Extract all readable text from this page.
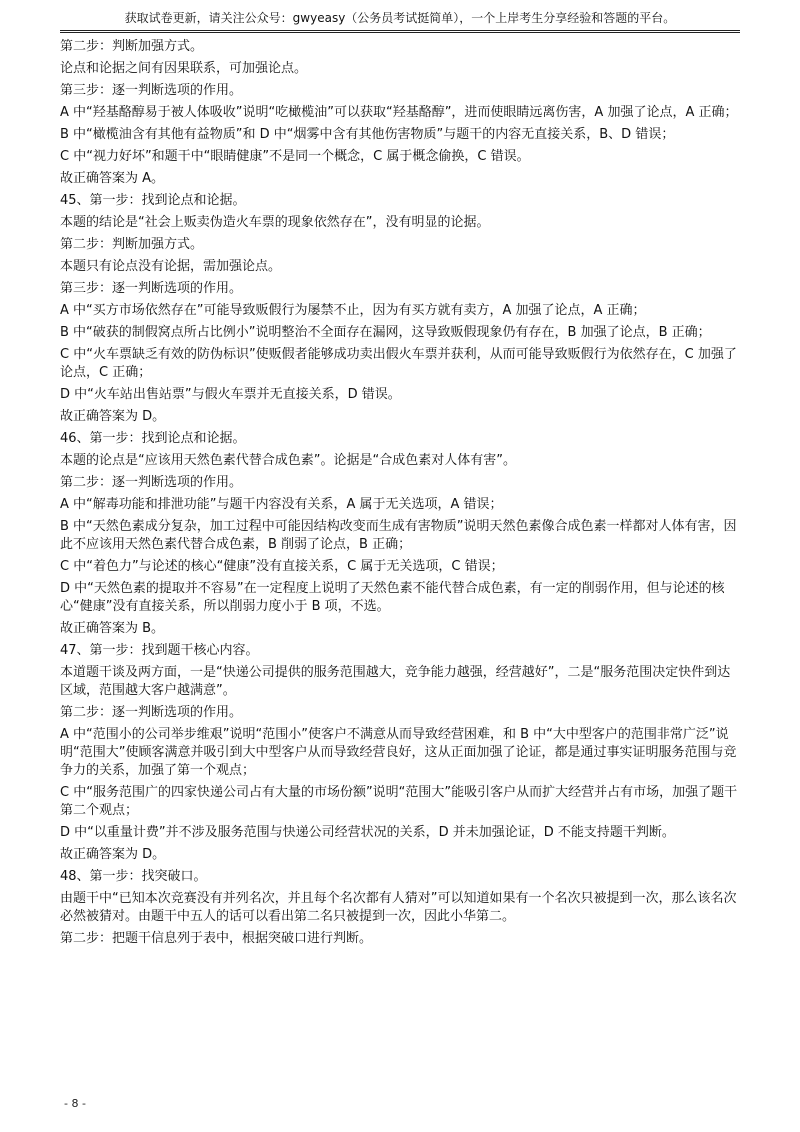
获取试卷更新，请关注公众号：gwyeasy（公务员考试挺简单），一个上岸考生分享经验和答题的平台。

第二步：判断加强方式。

论点和论据之间有因果联系，可加强论点。

第三步：逐一判断选项的作用。

A 中“羟基酪醇易于被人体吸收”说明“吃橄榄油”可以获取“羟基酪醇”，进而使眼睛远离伤害，A 加强了论点，A 正确；

B 中“橄榄油含有其他有益物质”和 D 中“烟雾中含有其他伤害物质”与题干的内容无直接关系，B、D 错误；

C 中“视力好坏”和题干中“眼睛健康”不是同一个概念，C 属于概念偷换，C 错误。

故正确答案为 A。

45、第一步：找到论点和论据。

本题的结论是“社会上贩卖伪造火车票的现象依然存在”，没有明显的论据。

第二步：判断加强方式。

本题只有论点没有论据，需加强论点。

第三步：逐一判断选项的作用。

A 中“买方市场依然存在”可能导致贩假行为屡禁不止，因为有买方就有卖方，A 加强了论点，A 正确；

B 中“破获的制假窝点所占比例小”说明整治不全面存在漏网，这导致贩假现象仍有存在，B 加强了论点，B 正确；

C 中“火车票缺乏有效的防伪标识”使贩假者能够成功卖出假火车票并获利，从而可能导致贩假行为依然存在，C 加强了论点，C 正确；

D 中“火车站出售站票”与假火车票并无直接关系，D 错误。

故正确答案为 D。

46、第一步：找到论点和论据。

本题的论点是“应该用天然色素代替合成色素”。论据是“合成色素对人体有害”。

第二步：逐一判断选项的作用。

A 中“解毒功能和排泄功能”与题干内容没有关系，A 属于无关选项，A 错误；

B 中“天然色素成分复杂，加工过程中可能因结构改变而生成有害物质”说明天然色素像合成色素一样都对人体有害，因此不应该用天然色素代替合成色素，B 削弱了论点，B 正确；

C 中“着色力”与论述的核心“健康”没有直接关系，C 属于无关选项，C 错误；

D 中“天然色素的提取并不容易”在一定程度上说明了天然色素不能代替合成色素，有一定的削弱作用，但与论述的核心“健康”没有直接关系，所以削弱力度小于 B 项，不选。

故正确答案为 B。

47、第一步：找到题干核心内容。

本道题干谈及两方面，一是“快递公司提供的服务范围越大，竞争能力越强，经营越好”，二是“服务范围决定快件到达区域，范围越大客户越满意”。

第二步：逐一判断选项的作用。

A 中“范围小的公司举步维艰”说明“范围小”使客户不满意从而导致经营困难，和 B 中“大中型客户的范围非常广泛”说明“范围大”使顾客满意并吸引到大中型客户从而导致经营良好，这从正面加强了论证，都是通过事实证明服务范围与竞争力的关系，加强了第一个观点；

C 中“服务范围广的四家快递公司占有大量的市场份额”说明“范围大”能吸引客户从而扩大经营并占有市场，加强了题干第二个观点；

D 中“以重量计费”并不涉及服务范围与快递公司经营状况的关系，D 并未加强论证，D 不能支持题干判断。

故正确答案为 D。

48、第一步：找突破口。

由题干中“已知本次竞赛没有并列名次，并且每个名次都有人猜对”可以知道如果有一个名次只被提到一次，那么该名次必然被猜对。由题干中五人的话可以看出第二名只被提到一次，因此小华第二。

第二步：把题干信息列于表中，根据突破口进行判断。

- 8 -
